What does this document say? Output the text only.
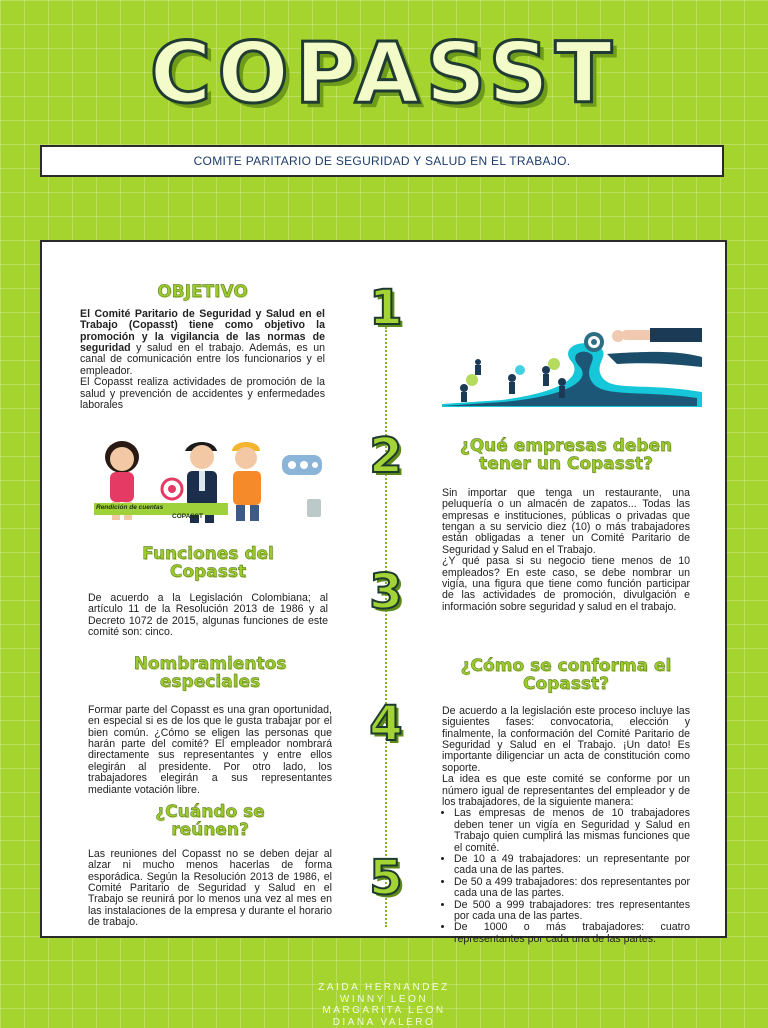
COPASST
COMITE PARITARIO DE SEGURIDAD Y SALUD EN EL TRABAJO.
1
2
3
4
5
OBJETIVO

El Comité Paritario de Seguridad y Salud en el Trabajo (Copasst) tiene como objetivo la promoción y la vigilancia de las normas de seguridad y salud en el trabajo. Además, es un canal de comunicación entre los funcionarios y el empleador.

El Copasst realiza actividades de promoción de la salud y prevención de accidentes y enfermedades laborales

Rendición de cuentas
COPASST
¿Qué empresas deben tener un Copasst?

Sin importar que tenga un restaurante, una peluquería o un almacén de zapatos... Todas las empresas e instituciones, públicas o privadas que tengan a su servicio diez (10) o más trabajadores están obligadas a tener un Comité Paritario de Seguridad y Salud en el Trabajo.

¿Y qué pasa si su negocio tiene menos de 10 empleados? En este caso, se debe nombrar un vigía, una figura que tiene como función participar de las actividades de promoción, divulgación e información sobre seguridad y salud en el trabajo.

Funciones del Copasst

De acuerdo a la Legislación Colombiana; al artículo 11 de la Resolución 2013 de 1986 y al Decreto 1072 de 2015, algunas funciones de este comité son: cinco.

Nombramientos especiales

Formar parte del Copasst es una gran oportunidad, en especial si es de los que le gusta trabajar por el bien común. ¿Cómo se eligen las personas que harán parte del comité? El empleador nombrará directamente sus representantes y entre ellos elegirán al presidente. Por otro lado, los trabajadores elegirán a sus representantes mediante votación libre.

¿Cómo se conforma el Copasst?

De acuerdo a la legislación este proceso incluye las siguientes fases: convocatoria, elección y finalmente, la conformación del Comité Paritario de Seguridad y Salud en el Trabajo. ¡Un dato! Es importante diligenciar un acta de constitución como soporte.

La idea es que este comité se conforme por un número igual de representantes del empleador y de los trabajadores, de la siguiente manera:

• Las empresas de menos de 10 trabajadores deben tener un vigía en Seguridad y Salud en Trabajo quien cumplirá las mismas funciones que el comité.
• De 10 a 49 trabajadores: un representante por cada una de las partes.
• De 50 a 499 trabajadores: dos representantes por cada una de las partes.
• De 500 a 999 trabajadores: tres representantes por cada una de las partes.
• De 1000 o más trabajadores: cuatro representantes por cada una de las partes.
¿Cuándo se reúnen?

Las reuniones del Copasst no se deben dejar al alzar ni mucho menos hacerlas de forma esporádica. Según la Resolución 2013 de 1986, el Comité Paritario de Seguridad y Salud en el Trabajo se reunirá por lo menos una vez al mes en las instalaciones de la empresa y durante el horario de trabajo.

ZAIDA HERNANDEZ
WINNY LEON
MARGARITA LEON
DIANA VALERO
